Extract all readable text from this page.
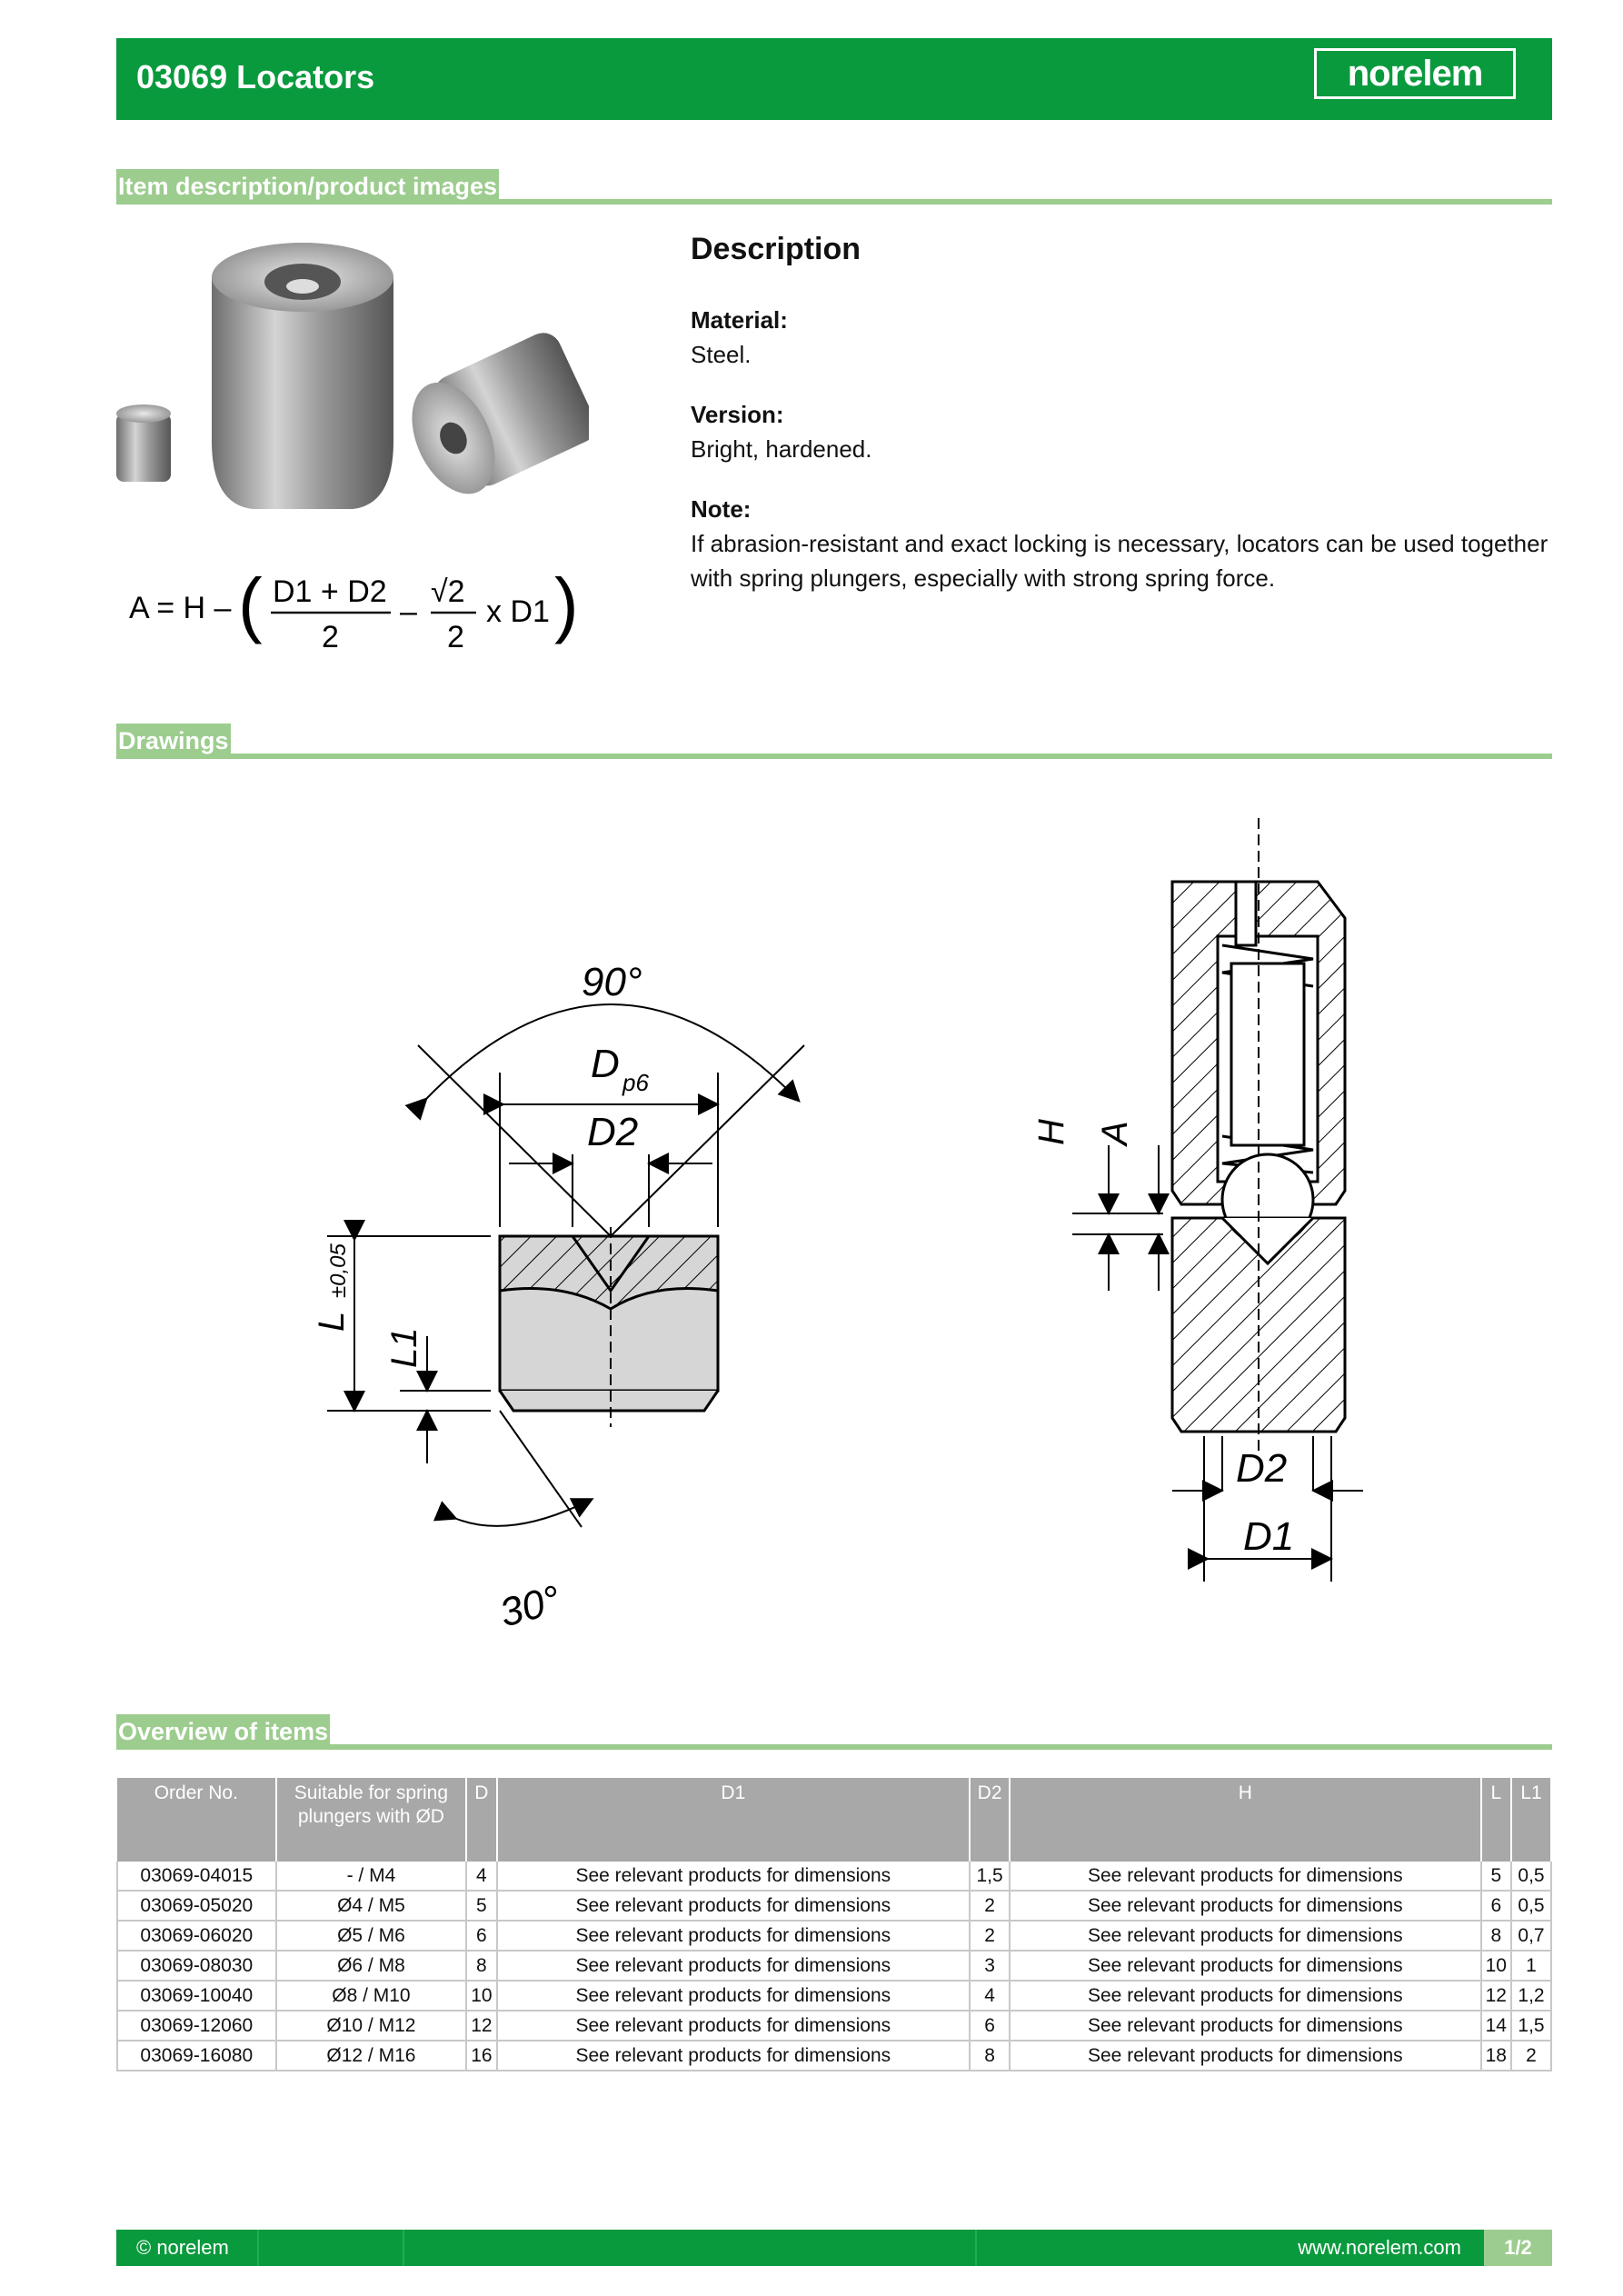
03069 Locators	norelem
Item description/product images
A = H – ( D1 + D2
2
–
√2
2
x D1 )
Description
Material:
Steel.
Version:
Bright, hardened.
Note:
If abrasion-resistant and exact locking is necessary, locators can be used together with spring plungers, especially with strong spring force.
Drawings
90°
D p6
D2
L
±0,05
L1
30°
H A
D2
D1
Overview of items
Order No.	Suitable for spring plungers with ØD	D	D1	D2	H	L	L1
03069-04015	- / M4	4	See relevant products for dimensions	1,5	See relevant products for dimensions	5	0,5
03069-05020	Ø4 / M5	5	See relevant products for dimensions	2	See relevant products for dimensions	6	0,5
03069-06020	Ø5 / M6	6	See relevant products for dimensions	2	See relevant products for dimensions	8	0,7
03069-08030	Ø6 / M8	8	See relevant products for dimensions	3	See relevant products for dimensions	10	1
03069-10040	Ø8 / M10	10	See relevant products for dimensions	4	See relevant products for dimensions	12	1,2
03069-12060	Ø10 / M12	12	See relevant products for dimensions	6	See relevant products for dimensions	14	1,5
03069-16080	Ø12 / M16	16	See relevant products for dimensions	8	See relevant products for dimensions	18	2
© norelem	www.norelem.com	1/2
